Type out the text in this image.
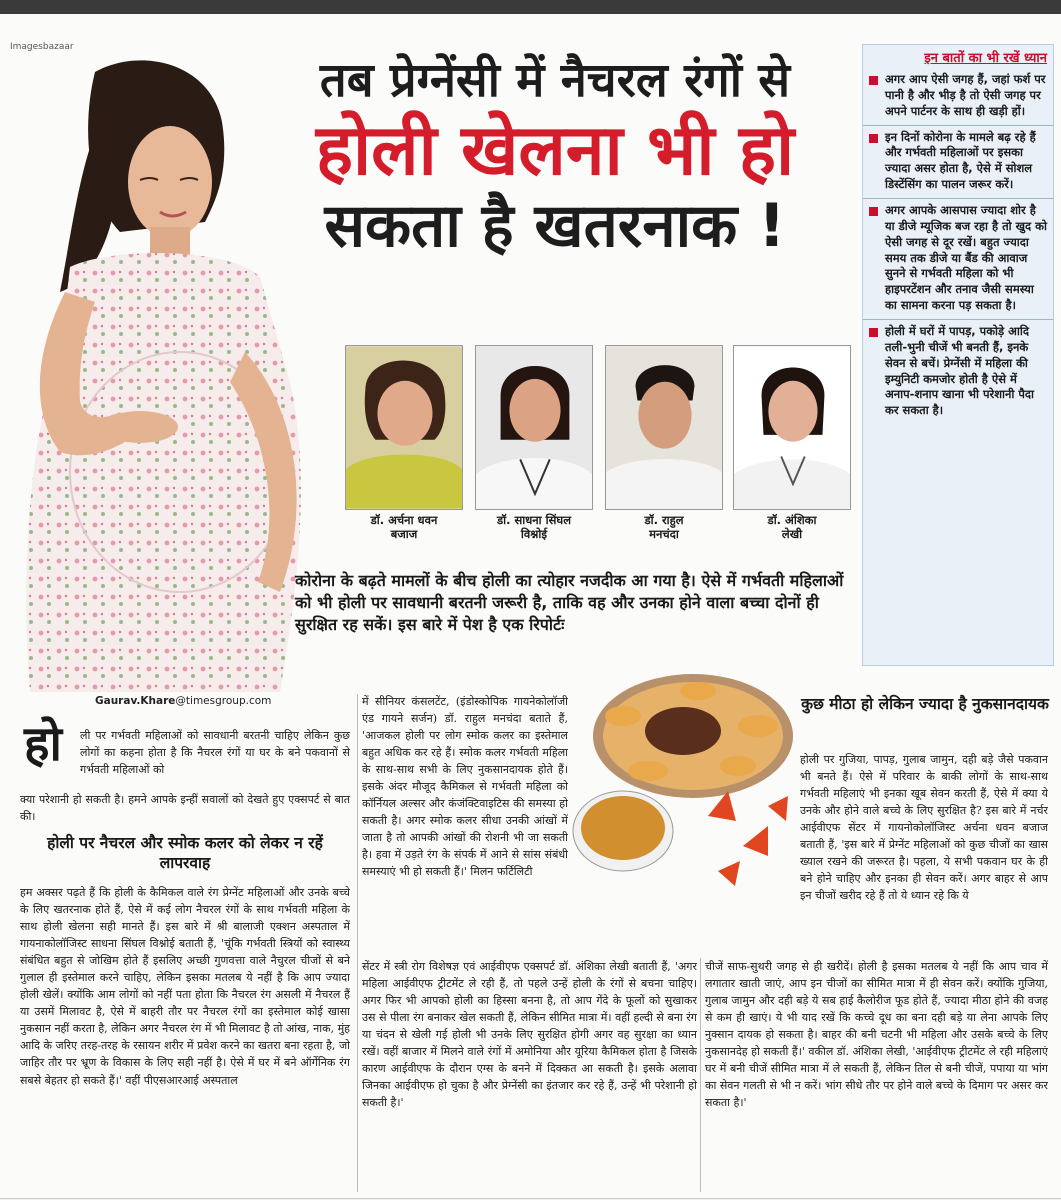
Imagesbazaar
तब प्रेग्नेंसी में नैचरल रंगों से
होली खेलना भी हो
सकता है खतरनाक !
डॉ. अर्चना धवन
बजाज
डॉ. साधना सिंघल
विश्नोई
डॉ. राहुल
मनचंदा
डॉ. अंशिका
लेखी
इन बातों का भी रखें ध्यान
अगर आप ऐसी जगह हैं, जहां फर्श पर पानी है और भीड़ है तो ऐसी जगह पर अपने पार्टनर के साथ ही खड़ी हों।
इन दिनों कोरोना के मामले बढ़ रहे हैं और गर्भवती महिलाओं पर इसका ज्यादा असर होता है, ऐसे में सोशल डिस्टेंसिंग का पालन जरूर करें।
अगर आपके आसपास ज्यादा शोर है या डीजे म्यूजिक बज रहा है तो खुद को ऐसी जगह से दूर रखें। बहुत ज्यादा समय तक डीजे या बैंड की आवाज सुनने से गर्भवती महिला को भी हाइपरटेंशन और तनाव जैसी समस्या का सामना करना पड़ सकता है।
होली में घरों में पापड़, पकोड़े आदि तली-भुनी चीजें भी बनती हैं, इनके सेवन से बचें। प्रेग्नेंसी में महिला की इम्युनिटी कमजोर होती है ऐसे में अनाप-शनाप खाना भी परेशानी पैदा कर सकता है।
कोरोना के बढ़ते मामलों के बीच होली का त्योहार नजदीक आ गया है। ऐसे में गर्भवती महिलाओं को भी होली पर सावधानी बरतनी जरूरी है, ताकि वह और उनका होने वाला बच्चा दोनों ही सुरक्षित रह सकें। इस बारे में पेश है एक रिपोर्टः
Gaurav.Khare@timesgroup.com
हो ली पर गर्भवती महिलाओं को सावधानी बरतनी चाहिए लेकिन कुछ लोगों का कहना होता है कि नैचरल रंगों या घर के बने पकवानों से गर्भवती महिलाओं को
क्या परेशानी हो सकती है। हमने आपके इन्हीं सवालों को देखते हुए एक्सपर्ट से बात की।
होली पर नैचरल और स्मोक कलर को लेकर न रहें लापरवाह
हम अक्सर पढ़ते हैं कि होली के कैमिकल वाले रंग प्रेग्नेंट महिलाओं और उनके बच्चे के लिए खतरनाक होते हैं, ऐसे में कई लोग नैचरल रंगों के साथ गर्भवती महिला के साथ होली खेलना सही मानते हैं। इस बारे में श्री बालाजी एक्शन अस्पताल में गायनाकोलॉजिस्ट साधना सिंघल विश्नोई बताती हैं, 'चूंकि गर्भवती स्त्रियों को स्वास्थ्य संबंधित बहुत से जोखिम होते हैं इसलिए अच्छी गुणवत्ता वाले नैचुरल चीजों से बने गुलाल ही इस्तेमाल करने चाहिए, लेकिन इसका मतलब ये नहीं है कि आप ज्यादा होली खेलें। क्योंकि आम लोगों को नहीं पता होता कि नैचरल रंग असली में नैचरल हैं या उसमें मिलावट है, ऐसे में बाहरी तौर पर नैचरल रंगों का इस्तेमाल कोई खासा नुकसान नहीं करता है, लेकिन अगर नैचरल रंग में भी मिलावट है तो आंख, नाक, मुंह आदि के जरिए तरह-तरह के रसायन शरीर में प्रवेश करने का खतरा बना रहता है, जो जाहिर तौर पर भ्रूण के विकास के लिए सही नहीं है। ऐसे में घर में बने ऑर्गेनिक रंग सबसे बेहतर हो सकते हैं।' वहीं पीएसआरआई अस्पताल
में सीनियर कंसलटेंट, (इंडोस्कोपिक गायनेकोलॉजी एंड गायने सर्जन) डॉ. राहुल मनचंदा बताते हैं, 'आजकल होली पर लोग स्मोक कलर का इस्तेमाल बहुत अधिक कर रहे हैं। स्मोक कलर गर्भवती महिला के साथ-साथ सभी के लिए नुकसानदायक होते हैं। इसके अंदर मौजूद कैमिकल से गर्भवती महिला को कॉर्नियल अल्सर और कंजंक्टिवाइटिस की समस्या हो सकती है। अगर स्मोक कलर सीधा उनकी आंखों में जाता है तो आपकी आंखों की रोशनी भी जा सकती है। हवा में उड़ते रंग के संपर्क में आने से सांस संबंधी समस्याएं भी हो सकती हैं।' मिलन फर्टिलिटी
सेंटर में स्त्री रोग विशेषज्ञ एवं आईवीएफ एक्सपर्ट डॉ. अंशिका लेखी बताती हैं, 'अगर महिला आईवीएफ ट्रीटमेंट ले रही हैं, तो पहले उन्हें होली के रंगों से बचना चाहिए। अगर फिर भी आपको होली का हिस्सा बनना है, तो आप गेंदे के फूलों को सुखाकर उस से पीला रंग बनाकर खेल सकती हैं, लेकिन सीमित मात्रा में। वहीं हल्दी से बना रंग या चंदन से खेली गई होली भी उनके लिए सुरक्षित होगी अगर वह सुरक्षा का ध्यान रखें। वहीं बाजार में मिलने वाले रंगों में अमोनिया और यूरिया कैमिकल होता है जिसके कारण आईवीएफ के दौरान एग्स के बनने में दिक्कत आ सकती है। इसके अलावा जिनका आईवीएफ हो चुका है और प्रेग्नेंसी का इंतजार कर रहे हैं, उन्हें भी परेशानी हो सकती है।'
कुछ मीठा हो लेकिन ज्यादा है नुकसानदायक
होली पर गुजिया, पापड़, गुलाब जामुन, दही बड़े जैसे पकवान भी बनते हैं। ऐसे में परिवार के बाकी लोगों के साथ-साथ गर्भवती महिलाएं भी इनका खूब सेवन करती हैं, ऐसे में क्या ये उनके और होने वाले बच्चे के लिए सुरक्षित है? इस बारे में नर्चर आईवीएफ सेंटर में गायनोकोलॉजिस्ट अर्चना धवन बजाज बताती हैं, 'इस बारे में प्रेग्नेंट महिलाओं को कुछ चीजों का खास ख्याल रखने की जरूरत है। पहला, ये सभी पकवान घर के ही बने होने चाहिए और इनका ही सेवन करें। अगर बाहर से आप इन चीजों खरीद रहे हैं तो ये ध्यान रहे कि ये
चीजें साफ-सुथरी जगह से ही खरीदें। होली है इसका मतलब ये नहीं कि आप चाव में लगातार खाती जाएं, आप इन चीजों का सीमित मात्रा में ही सेवन करें। क्योंकि गुजिया, गुलाब जामुन और दही बड़े ये सब हाई कैलोरीज फूड होते हैं, ज्यादा मीठा होने की वजह से कम ही खाएं। ये भी याद रखें कि कच्चे दूध का बना दही बड़े या लेना आपके लिए नुक्सान दायक हो सकता है। बाहर की बनी चटनी भी महिला और उसके बच्चे के लिए नुकसानदेह हो सकती हैं।' वकील डॉ. अंशिका लेखी, 'आईवीएफ ट्रीटमेंट ले रही महिलाएं घर में बनी चीजें सीमित मात्रा में ले सकती हैं, लेकिन तिल से बनी चीजें, पपाया या भांग का सेवन गलती से भी न करें। भांग सीधे तौर पर होने वाले बच्चे के दिमाग पर असर कर सकता है।'
